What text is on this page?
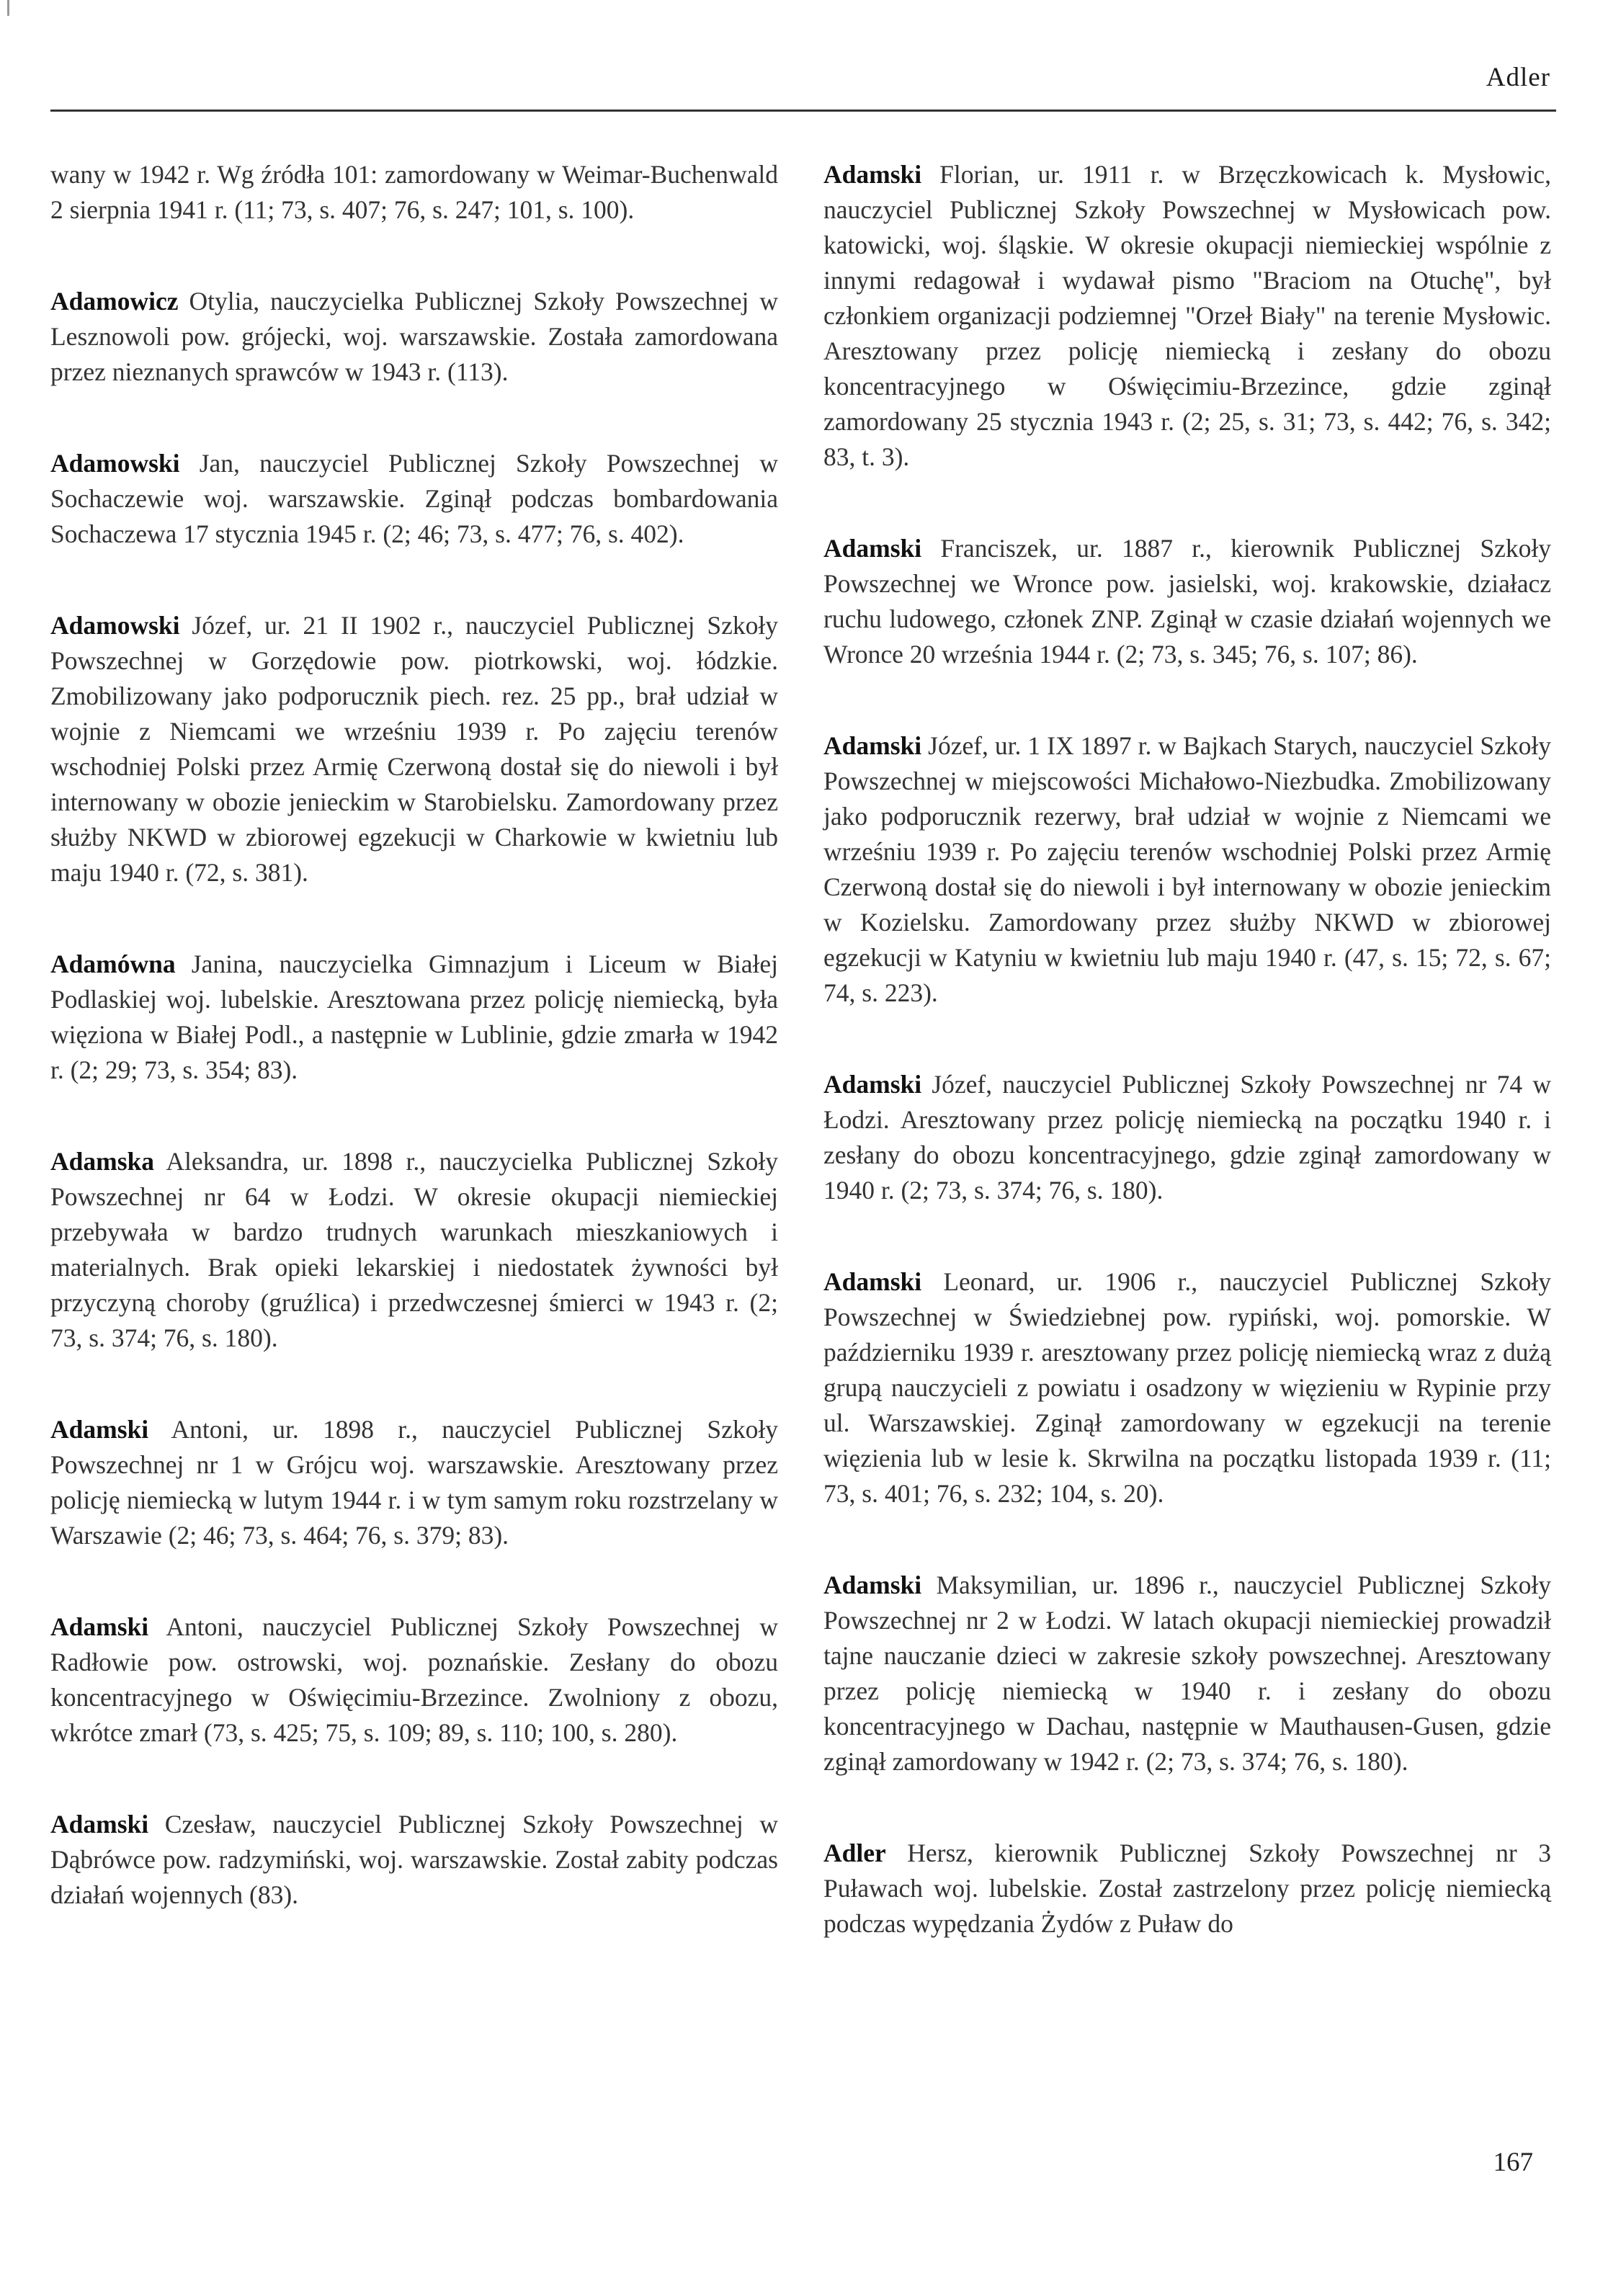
Adler

wany w 1942 r. Wg źródła 101: zamordowany w Weimar-Buchenwald 2 sierpnia 1941 r. (11; 73, s. 407; 76, s. 247; 101, s. 100).

Adamowicz Otylia, nauczycielka Publicznej Szkoły Powszechnej w Lesznowoli pow. grójecki, woj. warszawskie. Została zamordowana przez nieznanych sprawców w 1943 r. (113).

Adamowski Jan, nauczyciel Publicznej Szkoły Powszechnej w Sochaczewie woj. warszawskie. Zginął podczas bombardowania Sochaczewa 17 stycznia 1945 r. (2; 46; 73, s. 477; 76, s. 402).

Adamowski Józef, ur. 21 II 1902 r., nauczyciel Publicznej Szkoły Powszechnej w Gorzędowie pow. piotrkowski, woj. łódzkie. Zmobilizowany jako podporucznik piech. rez. 25 pp., brał udział w wojnie z Niemcami we wrześniu 1939 r. Po zajęciu terenów wschodniej Polski przez Armię Czerwoną dostał się do niewoli i był internowany w obozie jenieckim w Starobielsku. Zamordowany przez służby NKWD w zbiorowej egzekucji w Charkowie w kwietniu lub maju 1940 r. (72, s. 381).

Adamówna Janina, nauczycielka Gimnazjum i Liceum w Białej Podlaskiej woj. lubelskie. Aresztowana przez policję niemiecką, była więziona w Białej Podl., a następnie w Lublinie, gdzie zmarła w 1942 r. (2; 29; 73, s. 354; 83).

Adamska Aleksandra, ur. 1898 r., nauczycielka Publicznej Szkoły Powszechnej nr 64 w Łodzi. W okresie okupacji niemieckiej przebywała w bardzo trudnych warunkach mieszkaniowych i materialnych. Brak opieki lekarskiej i niedostatek żywności był przyczyną choroby (gruźlica) i przedwczesnej śmierci w 1943 r. (2; 73, s. 374; 76, s. 180).

Adamski Antoni, ur. 1898 r., nauczyciel Publicznej Szkoły Powszechnej nr 1 w Grójcu woj. warszawskie. Aresztowany przez policję niemiecką w lutym 1944 r. i w tym samym roku rozstrzelany w Warszawie (2; 46; 73, s. 464; 76, s. 379; 83).

Adamski Antoni, nauczyciel Publicznej Szkoły Powszechnej w Radłowie pow. ostrowski, woj. poznańskie. Zesłany do obozu koncentracyjnego w Oświęcimiu-Brzezince. Zwolniony z obozu, wkrótce zmarł (73, s. 425; 75, s. 109; 89, s. 110; 100, s. 280).

Adamski Czesław, nauczyciel Publicznej Szkoły Powszechnej w Dąbrówce pow. radzymiński, woj. warszawskie. Został zabity podczas działań wojennych (83).

Adamski Florian, ur. 1911 r. w Brzęczkowicach k. Mysłowic, nauczyciel Publicznej Szkoły Powszechnej w Mysłowicach pow. katowicki, woj. śląskie. W okresie okupacji niemieckiej wspólnie z innymi redagował i wydawał pismo "Braciom na Otuchę", był członkiem organizacji podziemnej "Orzeł Biały" na terenie Mysłowic. Aresztowany przez policję niemiecką i zesłany do obozu koncentracyjnego w Oświęcimiu-Brzezince, gdzie zginął zamordowany 25 stycznia 1943 r. (2; 25, s. 31; 73, s. 442; 76, s. 342; 83, t. 3).

Adamski Franciszek, ur. 1887 r., kierownik Publicznej Szkoły Powszechnej we Wronce pow. jasielski, woj. krakowskie, działacz ruchu ludowego, członek ZNP. Zginął w czasie działań wojennych we Wronce 20 września 1944 r. (2; 73, s. 345; 76, s. 107; 86).

Adamski Józef, ur. 1 IX 1897 r. w Bajkach Starych, nauczyciel Szkoły Powszechnej w miejscowości Michałowo-Niezbudka. Zmobilizowany jako podporucznik rezerwy, brał udział w wojnie z Niemcami we wrześniu 1939 r. Po zajęciu terenów wschodniej Polski przez Armię Czerwoną dostał się do niewoli i był internowany w obozie jenieckim w Kozielsku. Zamordowany przez służby NKWD w zbiorowej egzekucji w Katyniu w kwietniu lub maju 1940 r. (47, s. 15; 72, s. 67; 74, s. 223).

Adamski Józef, nauczyciel Publicznej Szkoły Powszechnej nr 74 w Łodzi. Aresztowany przez policję niemiecką na początku 1940 r. i zesłany do obozu koncentracyjnego, gdzie zginął zamordowany w 1940 r. (2; 73, s. 374; 76, s. 180).

Adamski Leonard, ur. 1906 r., nauczyciel Publicznej Szkoły Powszechnej w Świedziebnej pow. rypiński, woj. pomorskie. W październiku 1939 r. aresztowany przez policję niemiecką wraz z dużą grupą nauczycieli z powiatu i osadzony w więzieniu w Rypinie przy ul. Warszawskiej. Zginął zamordowany w egzekucji na terenie więzienia lub w lesie k. Skrwilna na początku listopada 1939 r. (11; 73, s. 401; 76, s. 232; 104, s. 20).

Adamski Maksymilian, ur. 1896 r., nauczyciel Publicznej Szkoły Powszechnej nr 2 w Łodzi. W latach okupacji niemieckiej prowadził tajne nauczanie dzieci w zakresie szkoły powszechnej. Aresztowany przez policję niemiecką w 1940 r. i zesłany do obozu koncentracyjnego w Dachau, następnie w Mauthausen-Gusen, gdzie zginął zamordowany w 1942 r. (2; 73, s. 374; 76, s. 180).

Adler Hersz, kierownik Publicznej Szkoły Powszechnej nr 3 Puławach woj. lubelskie. Został zastrzelony przez policję niemiecką podczas wypędzania Żydów z Puław do

167
